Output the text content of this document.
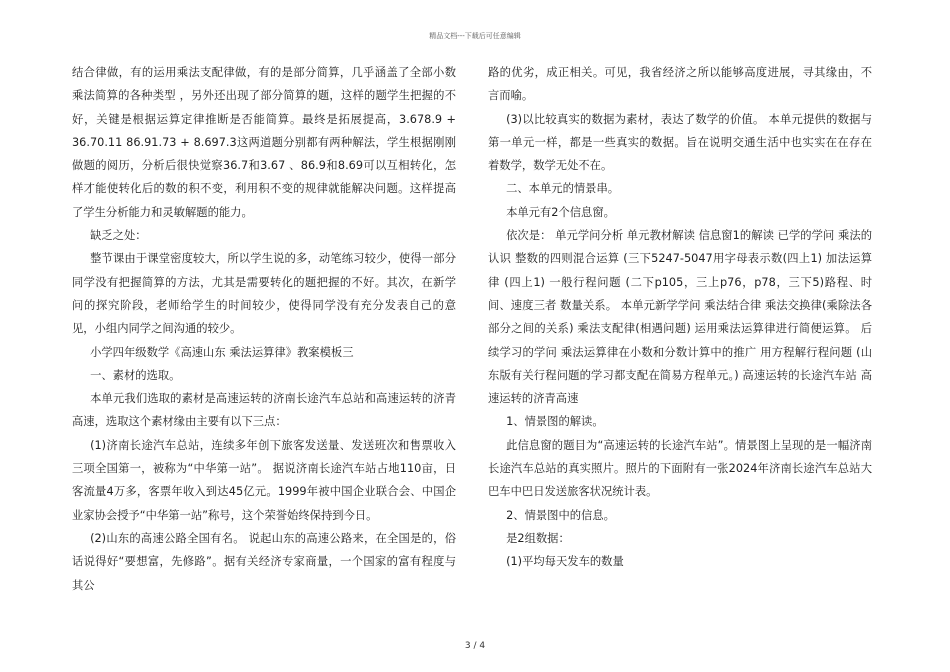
精品文档---下载后可任意编辑

结合律做，有的运用乘法支配律做，有的是部分简算，几乎涵盖了全部小数乘法简算的各种类型 ，另外还出现了部分简算的题，这样的题学生把握的不好，关键是根据运算定律推断是否能简算。最终是拓展提高，3.678.9 + 36.70.11 86.91.73 + 8.697.3这两道题分别都有两种解法，学生根据刚刚做题的阅历，分析后很快觉察36.7和3.67 、86.9和8.69可以互相转化，怎样才能使转化后的数的积不变，利用积不变的规律就能解决问题。这样提高了学生分析能力和灵敏解题的能力。

缺乏之处：

整节课由于课堂密度较大，所以学生说的多，动笔练习较少，使得一部分同学没有把握简算的方法，尤其是需要转化的题把握的不好。其次，在新学问的探究阶段，老师给学生的时间较少，使得同学没有充分发表自己的意见，小组内同学之间沟通的较少。

小学四年级数学《高速山东 乘法运算律》教案模板三

一、素材的选取。

本单元我们选取的素材是高速运转的济南长途汽车总站和高速运转的济青高速，选取这个素材缘由主要有以下三点：

(1)济南长途汽车总站，连续多年创下旅客发送量、发送班次和售票收入三项全国第一，被称为“中华第一站”。 据说济南长途汽车站占地110亩，日客流量4万多，客票年收入到达45亿元。1999年被中国企业联合会、中国企业家协会授予“中华第一站”称号，这个荣誉始终保持到今日。

(2)山东的高速公路全国有名。 说起山东的高速公路来，在全国是的，俗话说得好“要想富，先修路”。据有关经济专家商量，一个国家的富有程度与其公

路的优劣，成正相关。可见，我省经济之所以能够高度进展，寻其缘由，不言而喻。

(3)以比较真实的数据为素材，表达了数学的价值。 本单元提供的数据与第一单元一样，都是一些真实的数据。旨在说明交通生活中也实实在在存在着数学，数学无处不在。

二、本单元的情景串。

本单元有2个信息窗。

依次是： 单元学问分析 单元教材解读 信息窗1的解读 已学的学问 乘法的认识 整数的四则混合运算 (三下5247-5047用字母表示数(四上1) 加法运算律 (四上1) 一般行程问题 (二下p105，三上p76，p78，三下5)路程、时间、速度三者 数量关系。 本单元新学学问 乘法结合律 乘法交换律(乘除法各部分之间的关系) 乘法支配律(相遇问题) 运用乘法运算律进行简便运算。 后续学习的学问 乘法运算律在小数和分数计算中的推广 用方程解行程问题 (山东版有关行程问题的学习都支配在简易方程单元。) 高速运转的长途汽车站 高速运转的济青高速

1、情景图的解读。

此信息窗的题目为“高速运转的长途汽车站”。情景图上呈现的是一幅济南长途汽车总站的真实照片。照片的下面附有一张2024年济南长途汽车总站大巴车中巴日发送旅客状况统计表。

2、情景图中的信息。

是2组数据：

(1)平均每天发车的数量

3 / 4
